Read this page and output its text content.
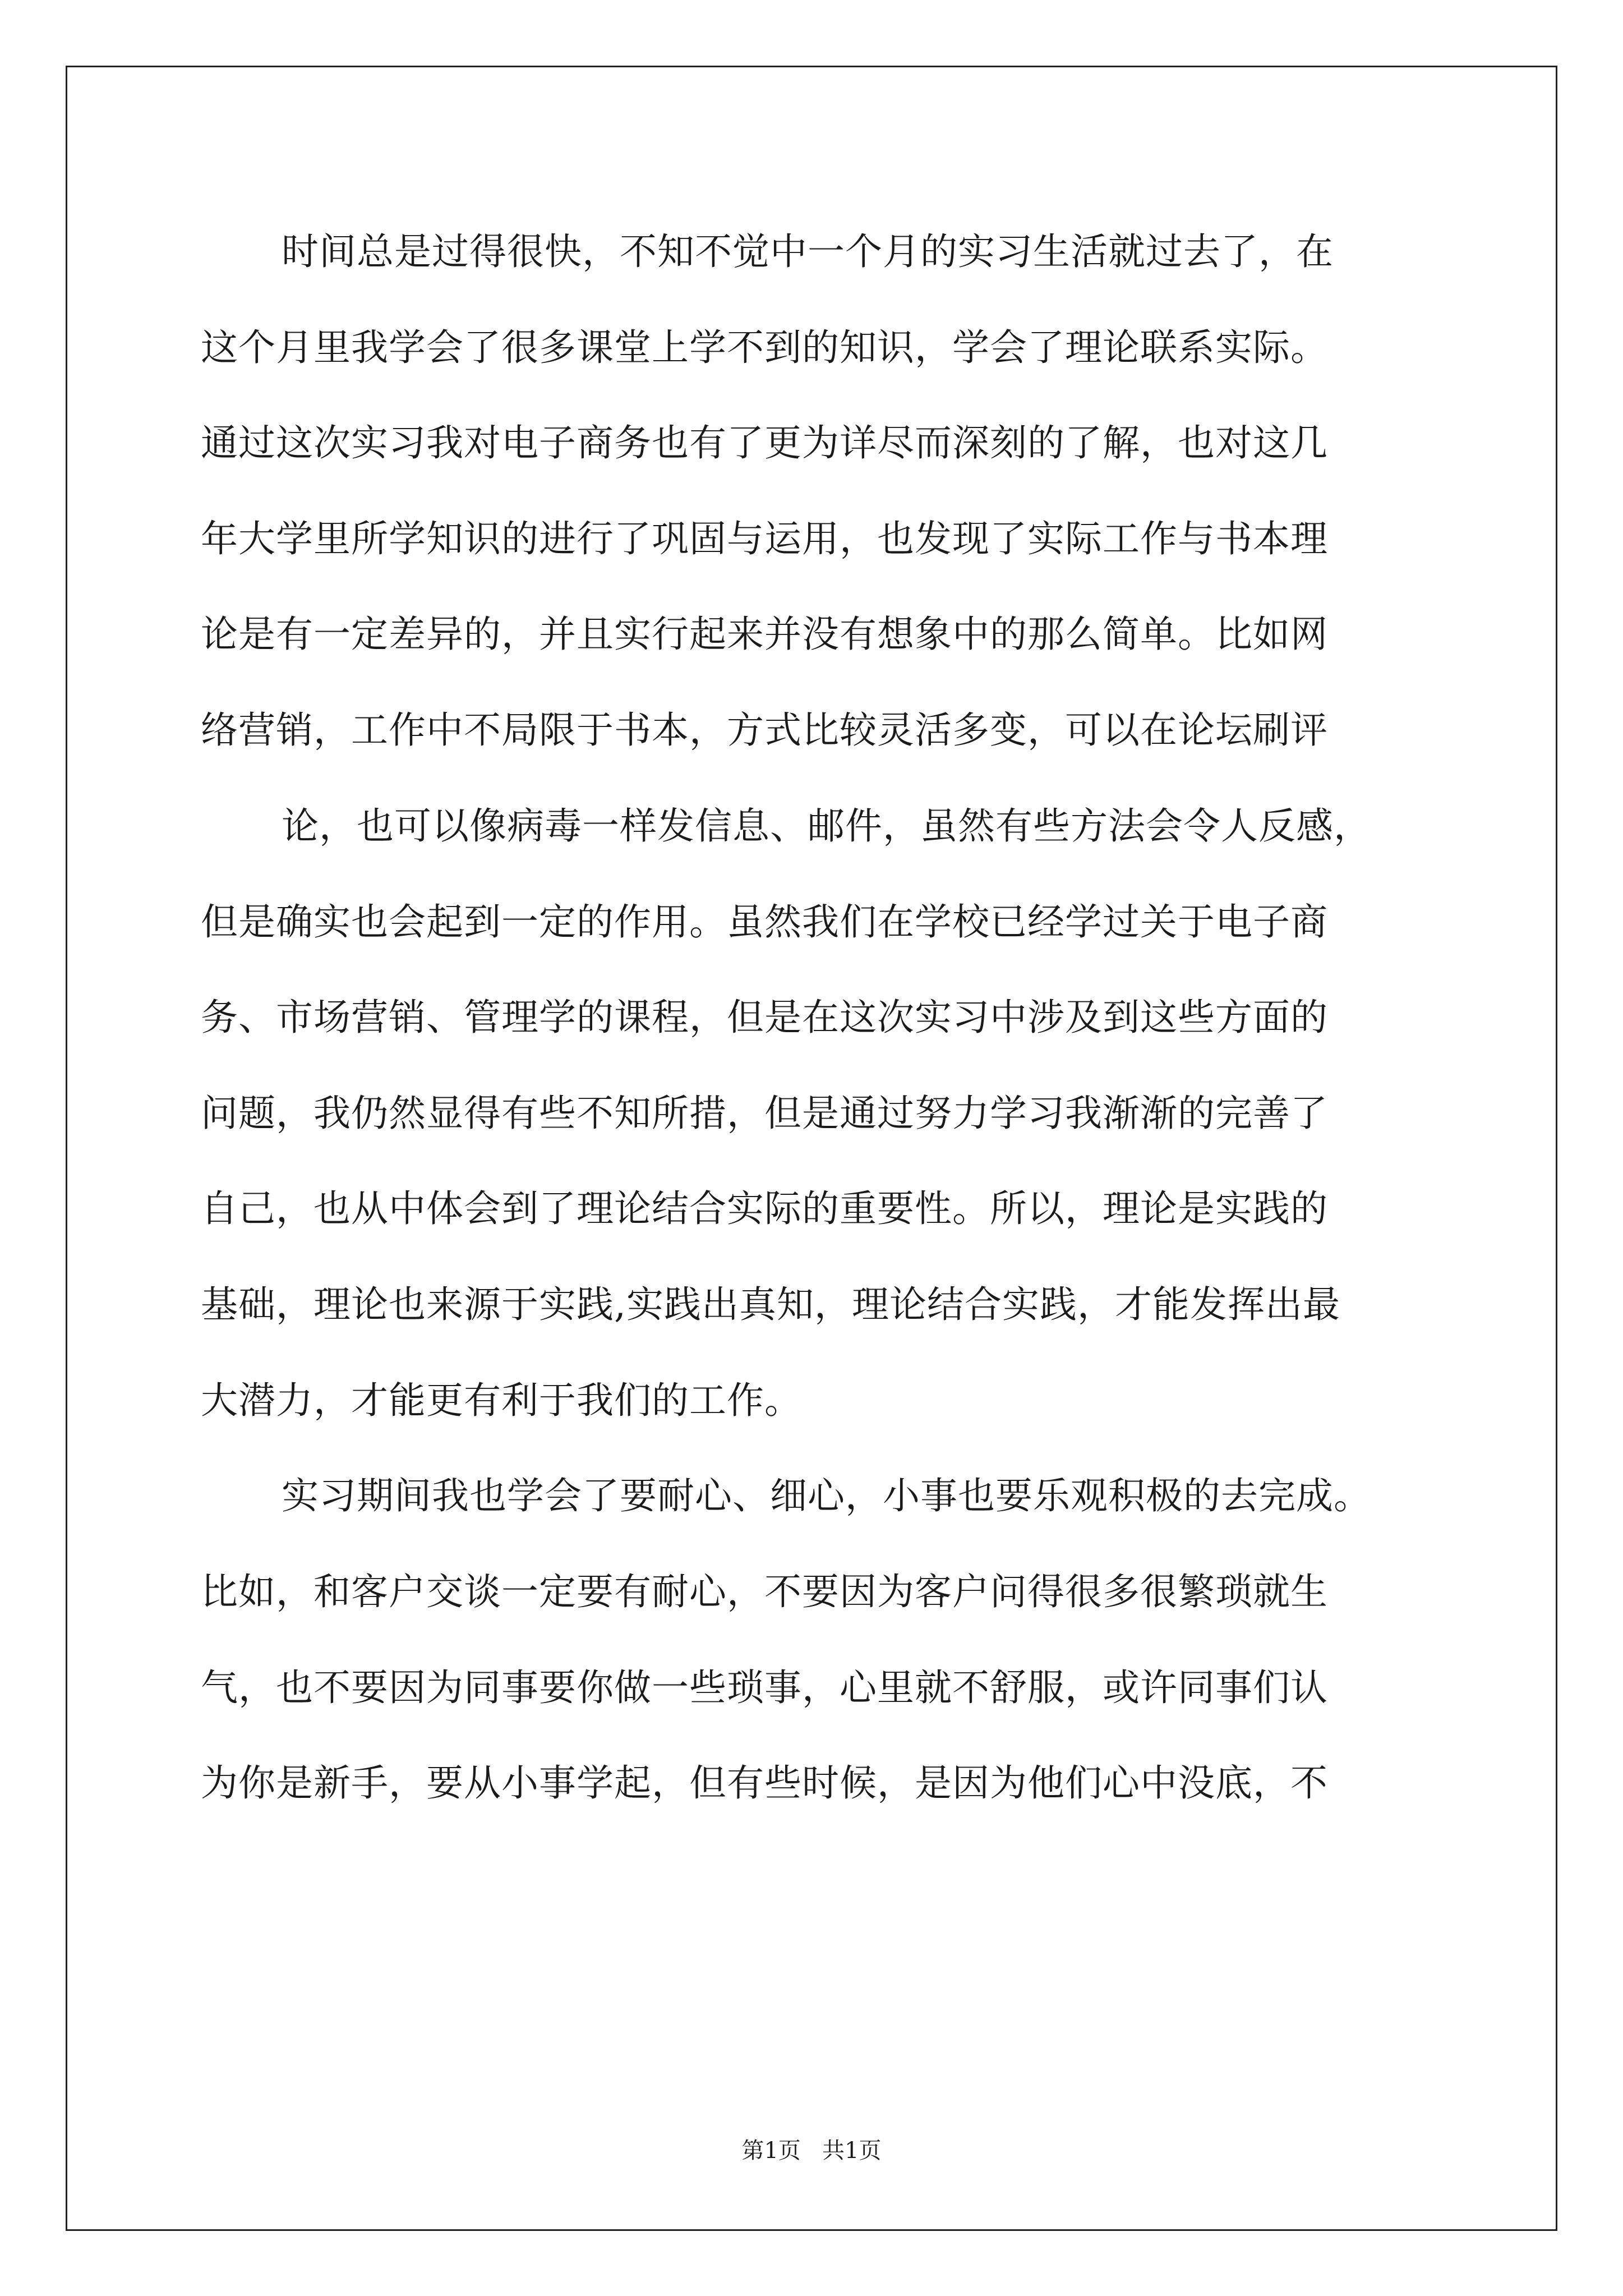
时间总是过得很快，不知不觉中一个月的实习生活就过去了，在
这个月里我学会了很多课堂上学不到的知识，学会了理论联系实际。
通过这次实习我对电子商务也有了更为详尽而深刻的了解，也对这几
年大学里所学知识的进行了巩固与运用，也发现了实际工作与书本理
论是有一定差异的，并且实行起来并没有想象中的那么简单。比如网
络营销，工作中不局限于书本，方式比较灵活多变，可以在论坛刷评
论，也可以像病毒一样发信息、邮件，虽然有些方法会令人反感，
但是确实也会起到一定的作用。虽然我们在学校已经学过关于电子商
务、市场营销、管理学的课程，但是在这次实习中涉及到这些方面的
问题，我仍然显得有些不知所措，但是通过努力学习我渐渐的完善了
自己，也从中体会到了理论结合实际的重要性。所以，理论是实践的
基础，理论也来源于实践,实践出真知，理论结合实践，才能发挥出最
大潜力，才能更有利于我们的工作。
实习期间我也学会了要耐心、细心，小事也要乐观积极的去完成。
比如，和客户交谈一定要有耐心，不要因为客户问得很多很繁琐就生
气，也不要因为同事要你做一些琐事，心里就不舒服，或许同事们认
为你是新手，要从小事学起，但有些时候，是因为他们心中没底，不
第1页   共1页
